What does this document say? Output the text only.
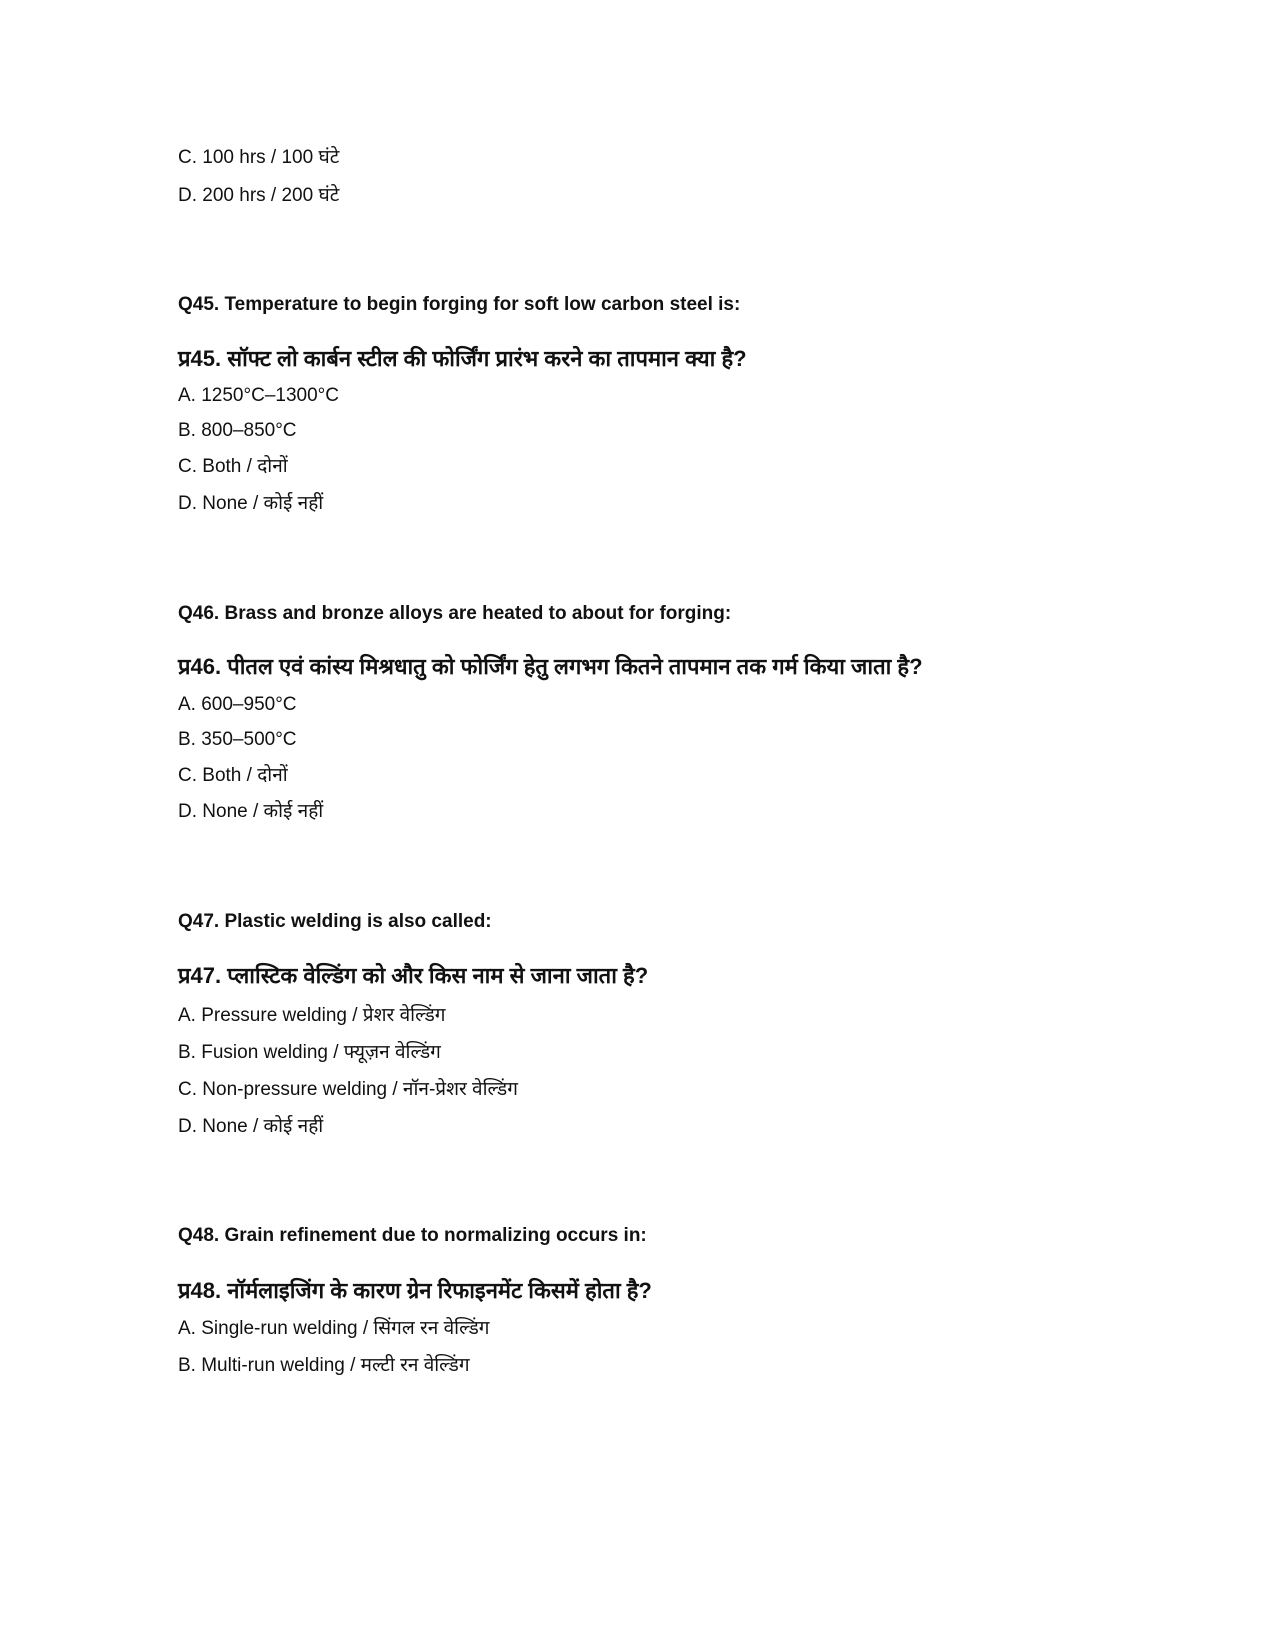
C. 100 hrs / 100 घंटे
D. 200 hrs / 200 घंटे
Q45. Temperature to begin forging for soft low carbon steel is:
प्र45. सॉफ्ट लो कार्बन स्टील की फोर्जिंग प्रारंभ करने का तापमान क्या है?
A. 1250°C–1300°C
B. 800–850°C
C. Both / दोनों
D. None / कोई नहीं
Q46. Brass and bronze alloys are heated to about for forging:
प्र46. पीतल एवं कांस्य मिश्रधातु को फोर्जिंग हेतु लगभग कितने तापमान तक गर्म किया जाता है?
A. 600–950°C
B. 350–500°C
C. Both / दोनों
D. None / कोई नहीं
Q47. Plastic welding is also called:
प्र47. प्लास्टिक वेल्डिंग को और किस नाम से जाना जाता है?
A. Pressure welding / प्रेशर वेल्डिंग
B. Fusion welding / फ्यूज़न वेल्डिंग
C. Non-pressure welding / नॉन-प्रेशर वेल्डिंग
D. None / कोई नहीं
Q48. Grain refinement due to normalizing occurs in:
प्र48. नॉर्मलाइजिंग के कारण ग्रेन रिफाइनमेंट किसमें होता है?
A. Single-run welding / सिंगल रन वेल्डिंग
B. Multi-run welding / मल्टी रन वेल्डिंग
